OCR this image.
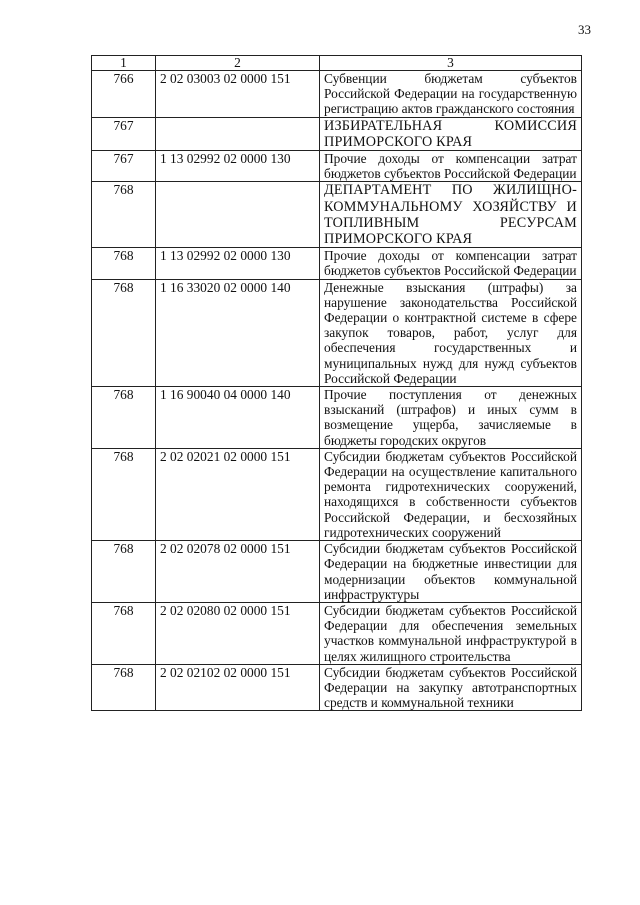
33
1	2	3
766	2 02 03003 02 0000 151	Субвенции бюджетам субъектов Российской Федерации на государственную регистрацию актов гражданского состояния
767		ИЗБИРАТЕЛЬНАЯ КОМИССИЯ ПРИМОРСКОГО КРАЯ
767	1 13 02992 02 0000 130	Прочие доходы от компенсации затрат бюджетов субъектов Российской Федерации
768		ДЕПАРТАМЕНТ ПО ЖИЛИЩНО-КОММУНАЛЬНОМУ ХОЗЯЙСТВУ И ТОПЛИВНЫМ РЕСУРСАМ ПРИМОРСКОГО КРАЯ
768	1 13 02992 02 0000 130	Прочие доходы от компенсации затрат бюджетов субъектов Российской Федерации
768	1 16 33020 02 0000 140	Денежные взыскания (штрафы) за нарушение законодательства Российской Федерации о контрактной системе в сфере закупок товаров, работ, услуг для обеспечения государственных и муниципальных нужд для нужд субъектов Российской Федерации
768	1 16 90040 04 0000 140	Прочие поступления от денежных взысканий (штрафов) и иных сумм в возмещение ущерба, зачисляемые в бюджеты городских округов
768	2 02 02021 02 0000 151	Субсидии бюджетам субъектов Российской Федерации на осуществление капитального ремонта гидротехнических сооружений, находящихся в собственности субъектов Российской Федерации, и бесхозяйных гидротехнических сооружений
768	2 02 02078 02 0000 151	Субсидии бюджетам субъектов Российской Федерации на бюджетные инвестиции для модернизации объектов коммунальной инфраструктуры
768	2 02 02080 02 0000 151	Субсидии бюджетам субъектов Российской Федерации для обеспечения земельных участков коммунальной инфраструктурой в целях жилищного строительства
768	2 02 02102 02 0000 151	Субсидии бюджетам субъектов Российской Федерации на закупку автотранспортных средств и коммунальной техники
